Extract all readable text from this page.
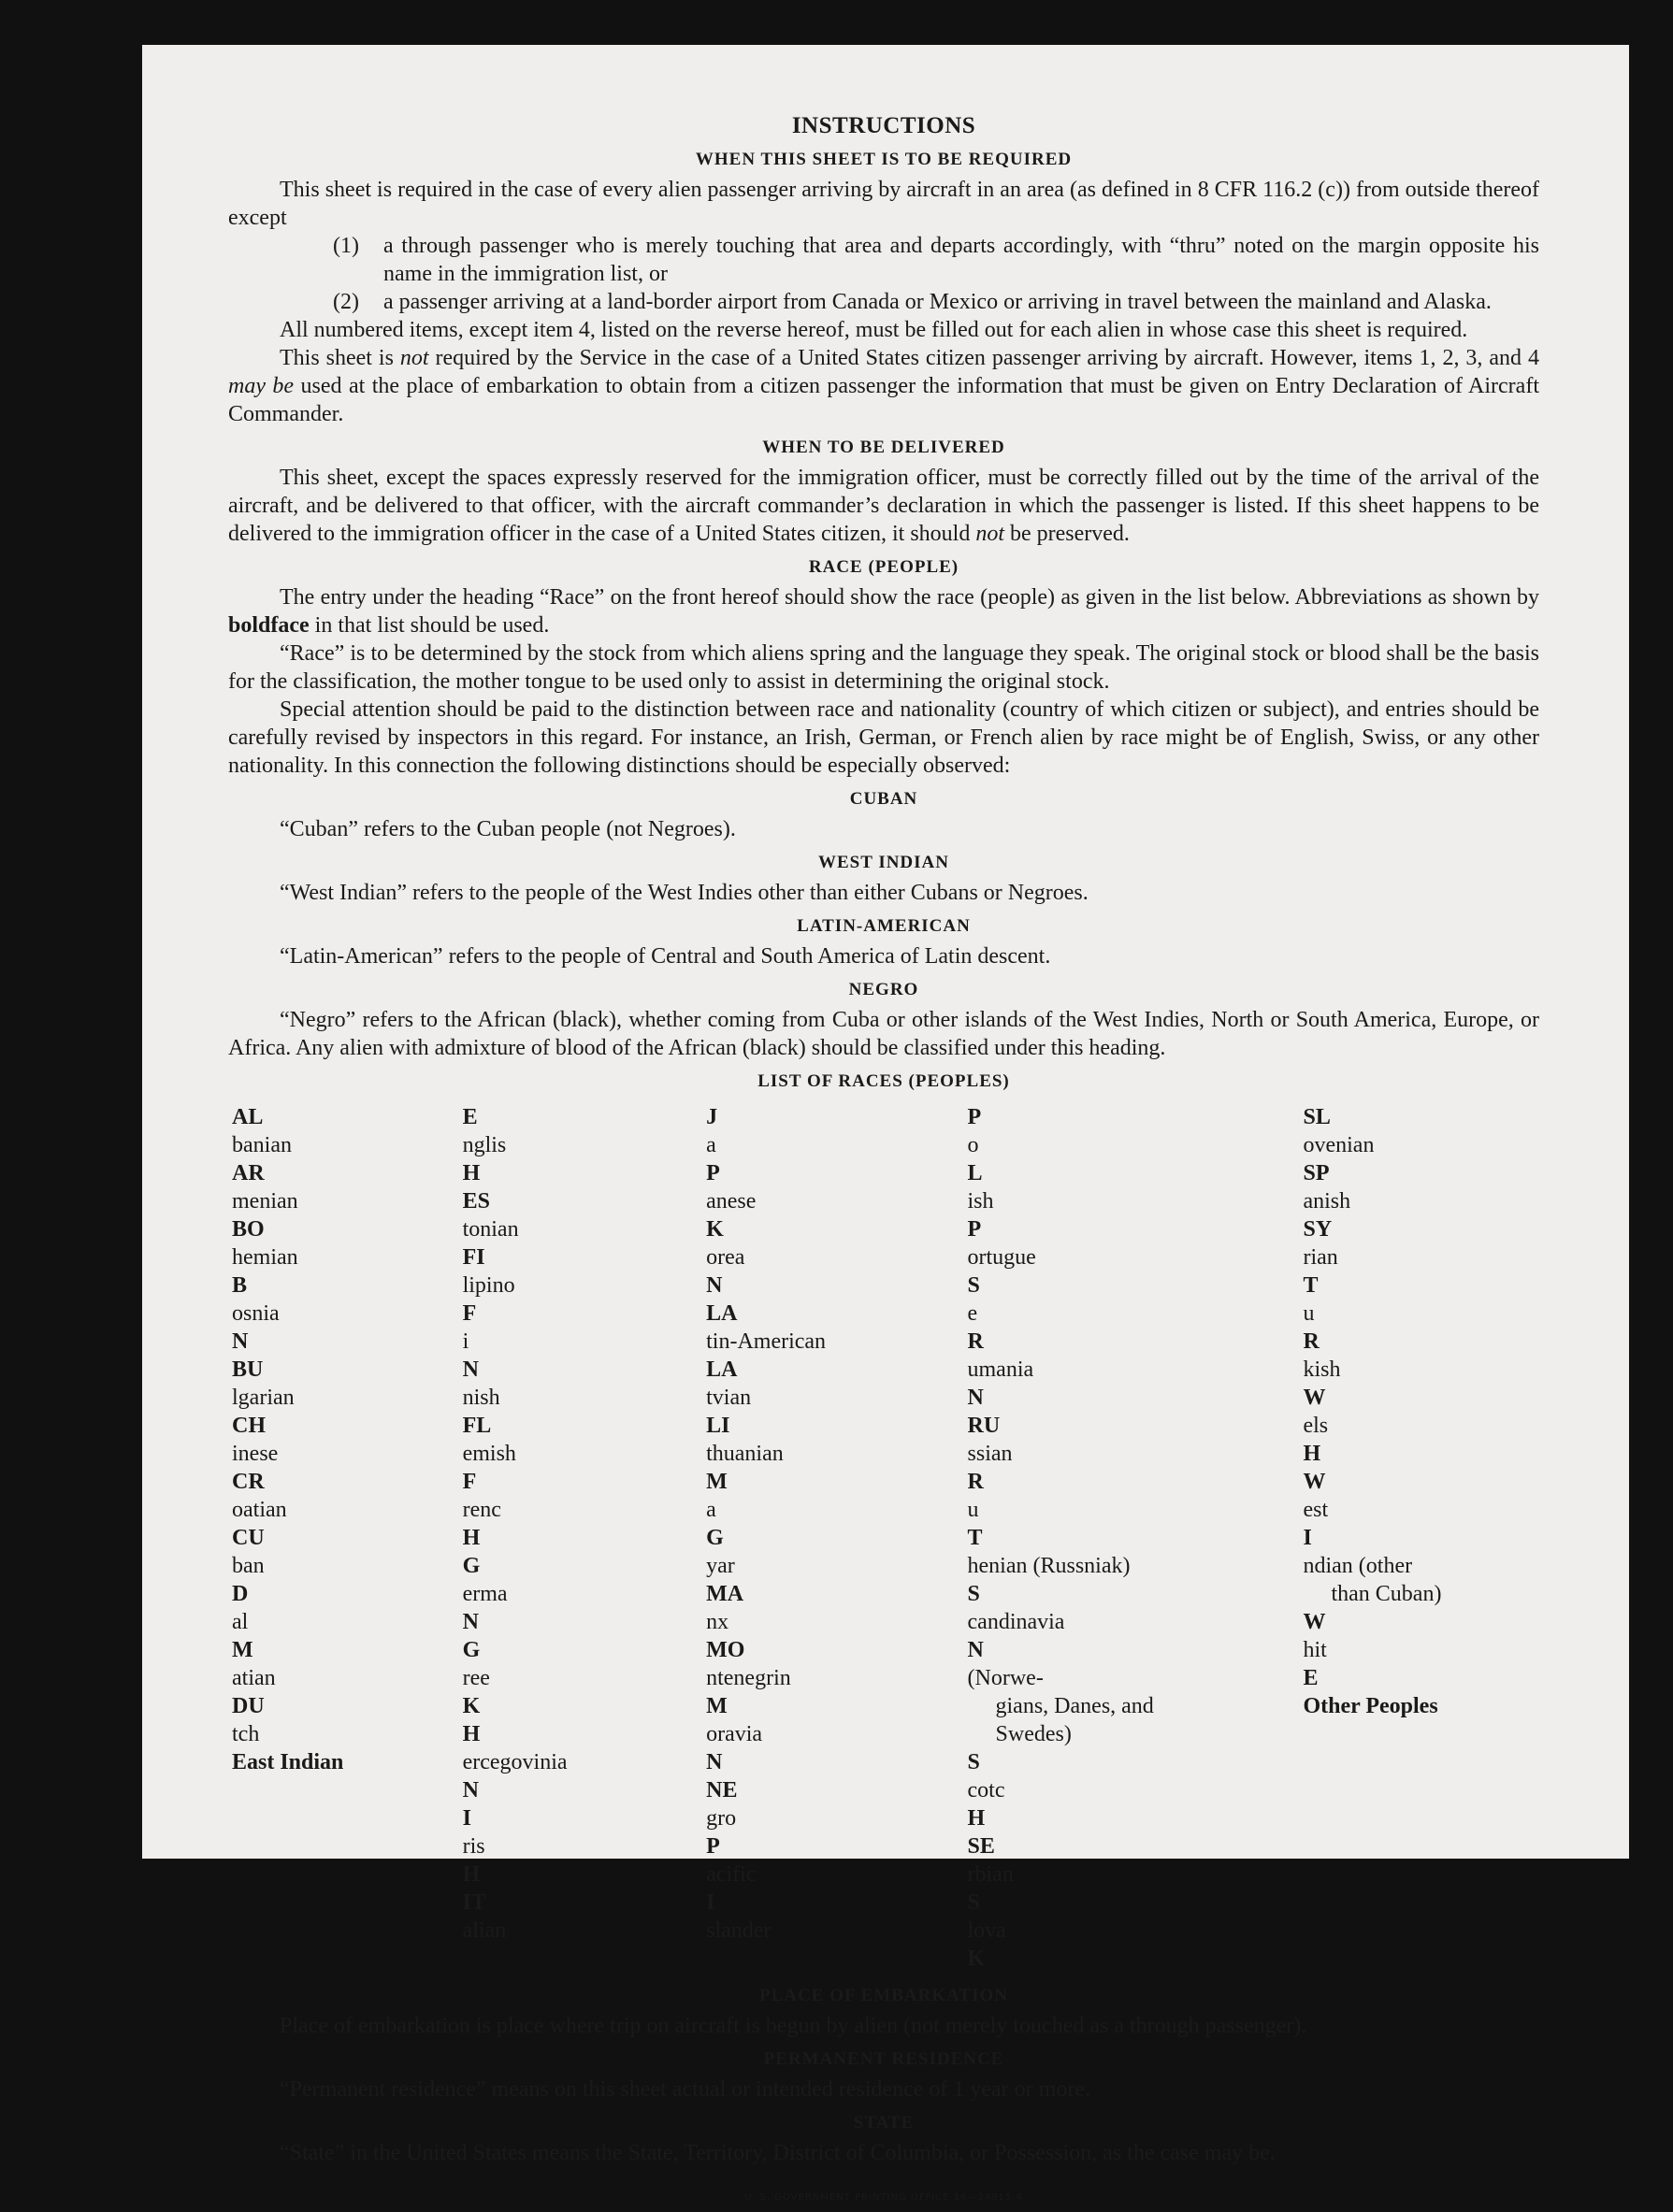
INSTRUCTIONS
WHEN THIS SHEET IS TO BE REQUIRED

This sheet is required in the case of every alien passenger arriving by aircraft in an area (as defined in 8 CFR 116.2 (c)) from outside thereof except

(1)	a through passenger who is merely touching that area and departs accordingly, with “thru” noted on the margin opposite his name in the immigration list, or
(2)	a passenger arriving at a land-border airport from Canada or Mexico or arriving in travel between the mainland and Alaska.

All numbered items, except item 4, listed on the reverse hereof, must be filled out for each alien in whose case this sheet is required.

This sheet is not required by the Service in the case of a United States citizen passenger arriving by aircraft. However, items 1, 2, 3, and 4 may be used at the place of embarkation to obtain from a citizen passenger the information that must be given on Entry Declaration of Aircraft Commander.

WHEN TO BE DELIVERED

This sheet, except the spaces expressly reserved for the immigration officer, must be correctly filled out by the time of the arrival of the aircraft, and be delivered to that officer, with the aircraft commander’s declaration in which the passenger is listed. If this sheet happens to be delivered to the immigration officer in the case of a United States citizen, it should not be preserved.

RACE (PEOPLE)

The entry under the heading “Race” on the front hereof should show the race (people) as given in the list below. Abbreviations as shown by boldface in that list should be used.

“Race” is to be determined by the stock from which aliens spring and the language they speak. The original stock or blood shall be the basis for the classification, the mother tongue to be used only to assist in determining the original stock.

Special attention should be paid to the distinction between race and nationality (country of which citizen or subject), and entries should be carefully revised by inspectors in this regard. For instance, an Irish, German, or French alien by race might be of English, Swiss, or any other nationality. In this connection the following distinctions should be especially observed:

CUBAN

“Cuban” refers to the Cuban people (not Negroes).

WEST INDIAN

“West Indian” refers to the people of the West Indies other than either Cubans or Negroes.

LATIN-AMERICAN

“Latin-American” refers to the people of Central and South America of Latin descent.

NEGRO

“Negro” refers to the African (black), whether coming from Cuba or other islands of the West Indies, North or South America, Europe, or Africa. Any alien with admixture of blood of the African (black) should be classified under this heading.

LIST OF RACES (PEOPLES)
AL
banian
AR
menian
BO
hemian
B
osnia
N
BU
lgarian
CH
inese
CR
oatian
CU
ban
D
al
M
atian
DU
tch
East Indian
E
nglis
H
ES
tonian
FI
lipino
F
i
N
nish
FL
emish
F
renc
H
G
erma
N
G
ree
K
H
ercegovinia
N
I
ris
H
IT
alian
J
a
P
anese
K
orea
N
LA
tin-American
LA
tvian
LI
thuanian
M
a
G
yar
MA
nx
MO
ntenegrin
M
oravia
N
NE
gro
P
acific
I
slander
P
o
L
ish
P
ortugue
S
e
R
umania
N
RU
ssian
R
u
T
henian (Russniak)
S
candinavia
N
(Norwe-
gians, Danes, and
Swedes)
S
cotc
H
SE
rbian
S
lova
K
SL
ovenian
SP
anish
SY
rian
T
u
R
kish
W
els
H
W
est
I
ndian (other
than Cuban)
W
hit
E
Other Peoples
PLACE OF EMBARKATION

Place of embarkation is place where trip on aircraft is begun by alien (not merely touched as a through passenger).

PERMANENT RESIDENCE

“Permanent residence” means on this sheet actual or intended residence of 1 year or more.

STATE

“State” in the United States means the State, Territory, District of Columbia, or Possession, as the case may be.

U. S. GOVERNMENT PRINTING OFFICE 16—24915-4
